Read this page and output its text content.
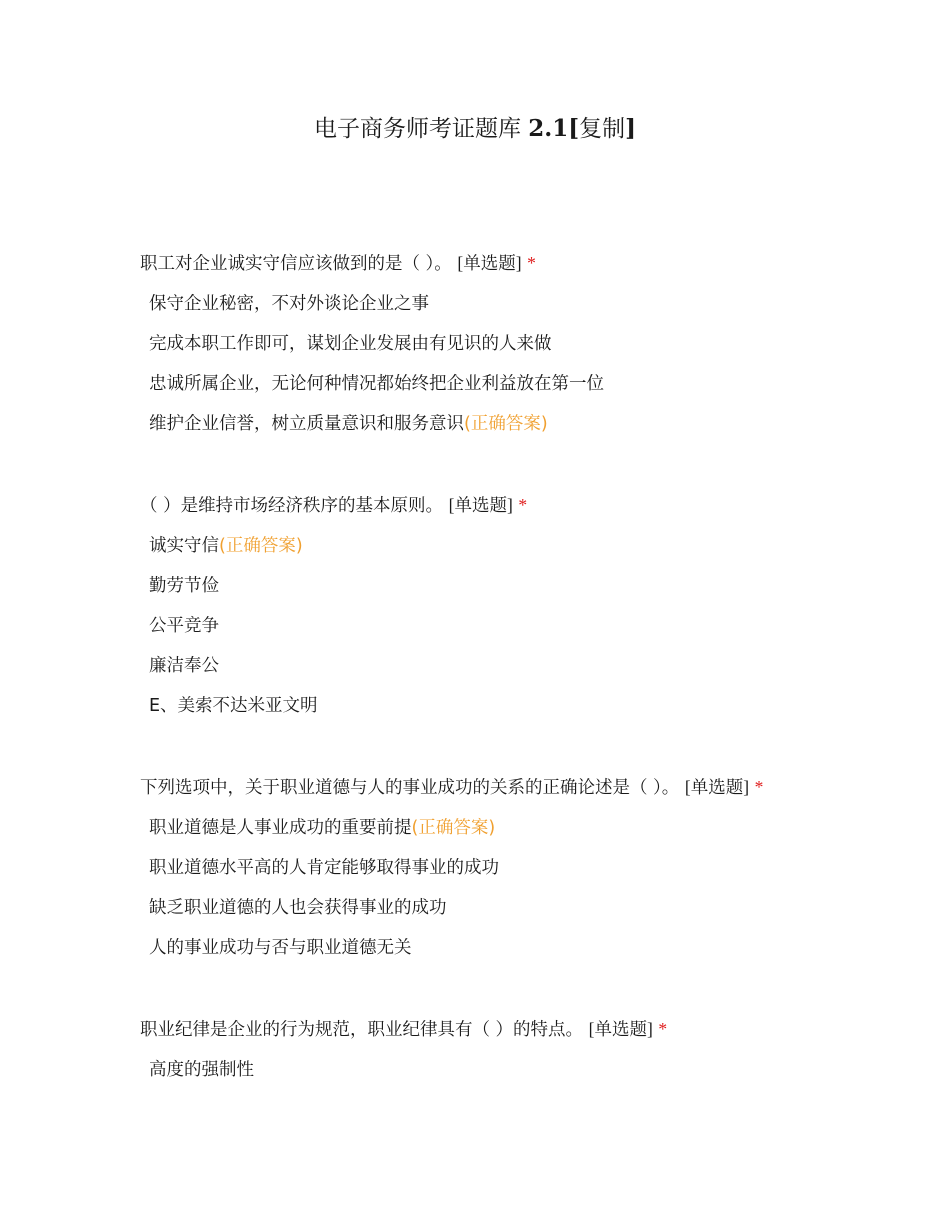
电子商务师考证题库 2.1[复制]
职工对企业诚实守信应该做到的是（ ）。 [单选题] *
保守企业秘密，不对外谈论企业之事
完成本职工作即可，谋划企业发展由有见识的人来做
忠诚所属企业，无论何种情况都始终把企业利益放在第一位
维护企业信誉，树立质量意识和服务意识(正确答案)
（ ）是维持市场经济秩序的基本原则。 [单选题] *
诚实守信(正确答案)
勤劳节俭
公平竞争
廉洁奉公
E、美索不达米亚文明
下列选项中，关于职业道德与人的事业成功的关系的正确论述是（ ）。 [单选题] *
职业道德是人事业成功的重要前提(正确答案)
职业道德水平高的人肯定能够取得事业的成功
缺乏职业道德的人也会获得事业的成功
人的事业成功与否与职业道德无关
职业纪律是企业的行为规范，职业纪律具有（ ）的特点。 [单选题] *
高度的强制性
